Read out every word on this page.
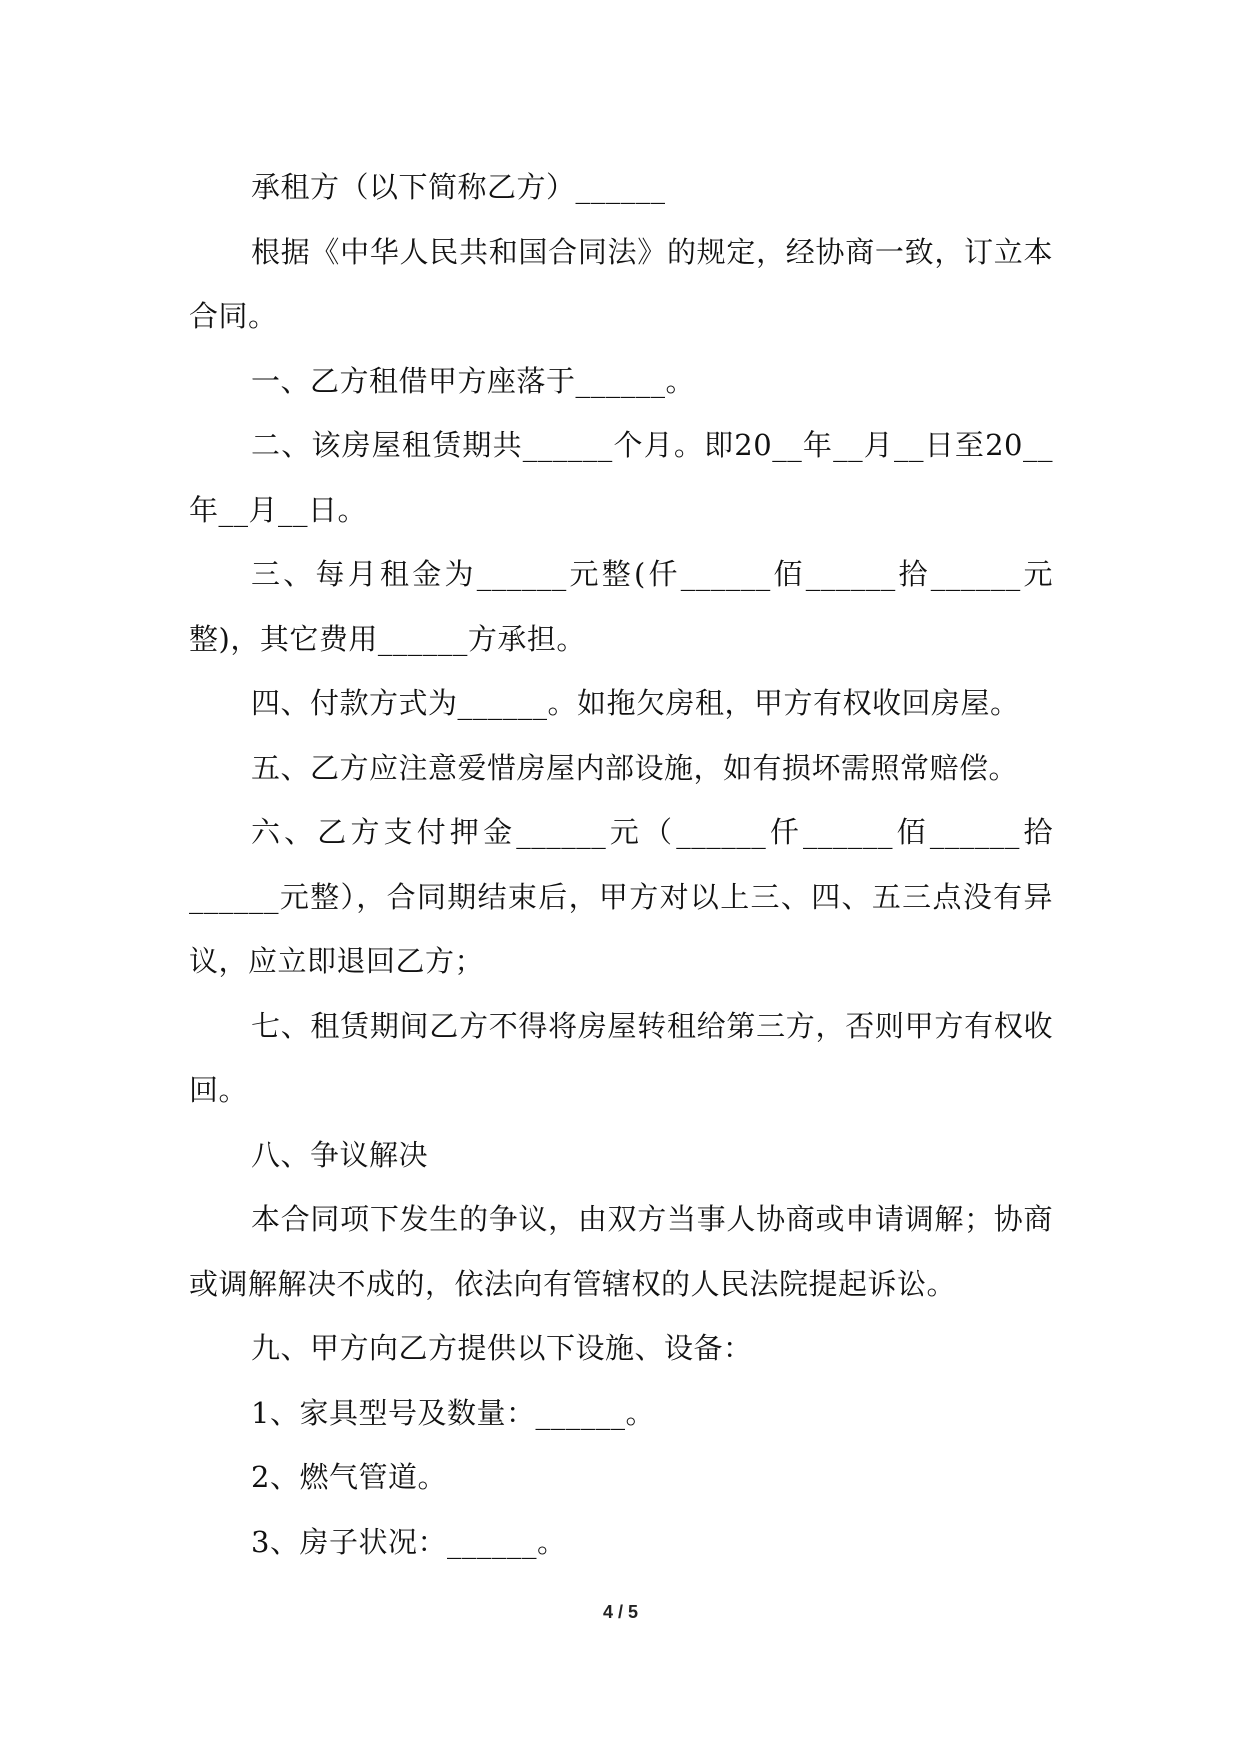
承租方（以下简称乙方）______

根据《中华人民共和国合同法》的规定，经协商一致，订立本合同。

一、乙方租借甲方座落于______。

二、该房屋租赁期共______个月。即20__年__月__日至20__年__月__日。

三、每月租金为______元整(仟______佰______拾______元整)，其它费用______方承担。

四、付款方式为______。如拖欠房租，甲方有权收回房屋。

五、乙方应注意爱惜房屋内部设施，如有损坏需照常赔偿。

六、乙方支付押金______元（______仟______佰______拾______元整），合同期结束后，甲方对以上三、四、五三点没有异议，应立即退回乙方；

七、租赁期间乙方不得将房屋转租给第三方，否则甲方有权收回。

八、争议解决

本合同项下发生的争议，由双方当事人协商或申请调解；协商或调解解决不成的，依法向有管辖权的人民法院提起诉讼。

九、甲方向乙方提供以下设施、设备：

1、家具型号及数量：______。

2、燃气管道。

3、房子状况：______。

4 / 5
